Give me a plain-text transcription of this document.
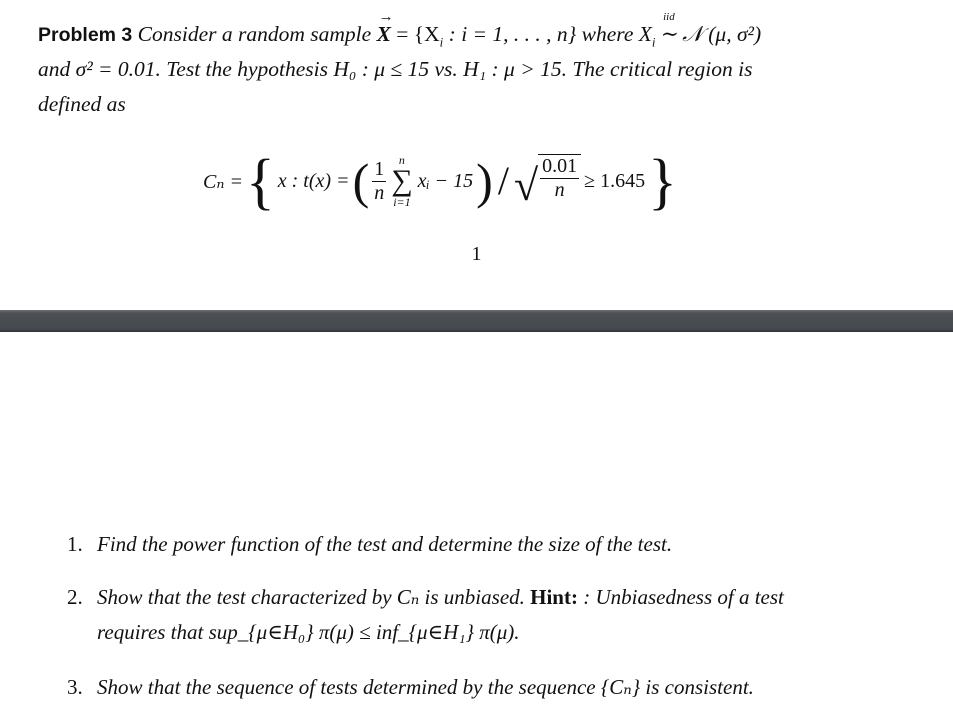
Problem 3 Consider a random sample → $X = \{X_i$ : i = 1, . . . , n} where $X_i$
iid
∼ 𝒩 (μ, σ²)
and σ² = 0.01. Test the hypothesis H₀ : μ ≤ 15 vs. H₁ : μ > 15. The critical region is
defined as
Cₙ = { x : t(x) = ( $\frac{1}{n}$ n
∑
i=1
xᵢ − 15 ) / √ $\frac{0.01}{n} \ge 1.645$ }
1
1. Find the power function of the test and determine the size of the test.
2. Show that the test characterized by Cₙ is unbiased. Hint: : Unbiasedness of a test
requires that sup_{μ∈H₀} π(μ) ≤ inf_{μ∈H₁} π(μ).
3. Show that the sequence of tests determined by the sequence {Cₙ} is consistent.
